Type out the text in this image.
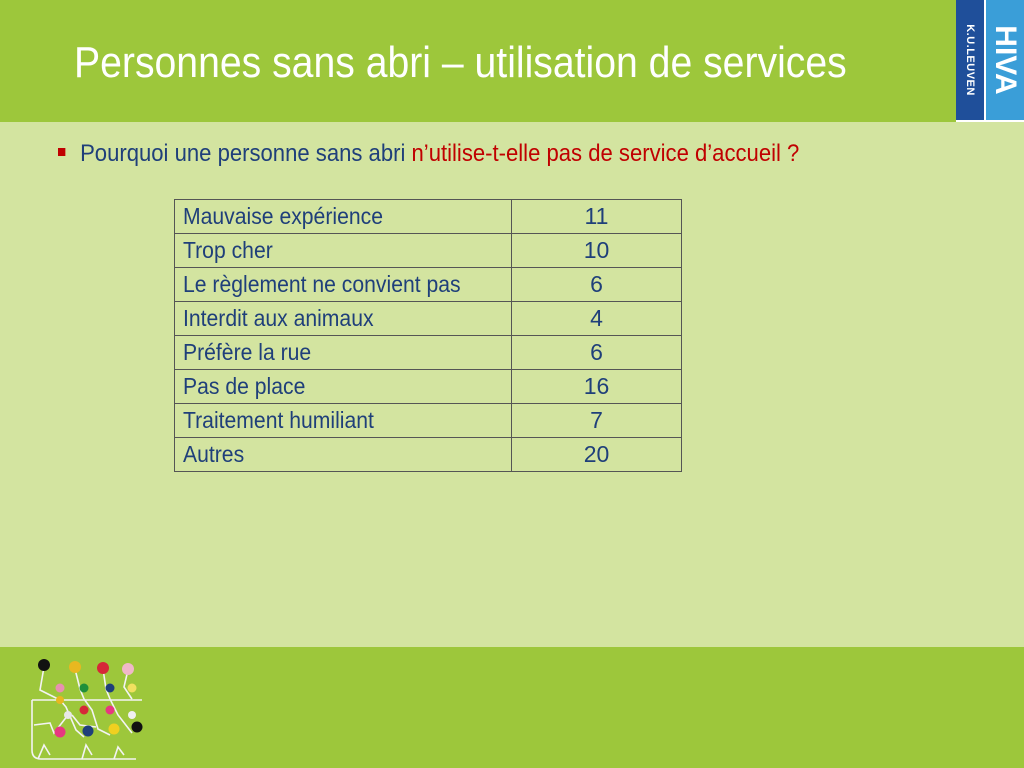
Personnes sans abri – utilisation de services	K.U.LEUVEN HIVA
Pourquoi une personne sans abri n’utilise-t-elle pas de service d’accueil ?
Mauvaise expérience	11
Trop cher	10
Le règlement ne convient pas	6
Interdit aux animaux	4
Préfère la rue	6
Pas de place	16
Traitement humiliant	7
Autres	20
